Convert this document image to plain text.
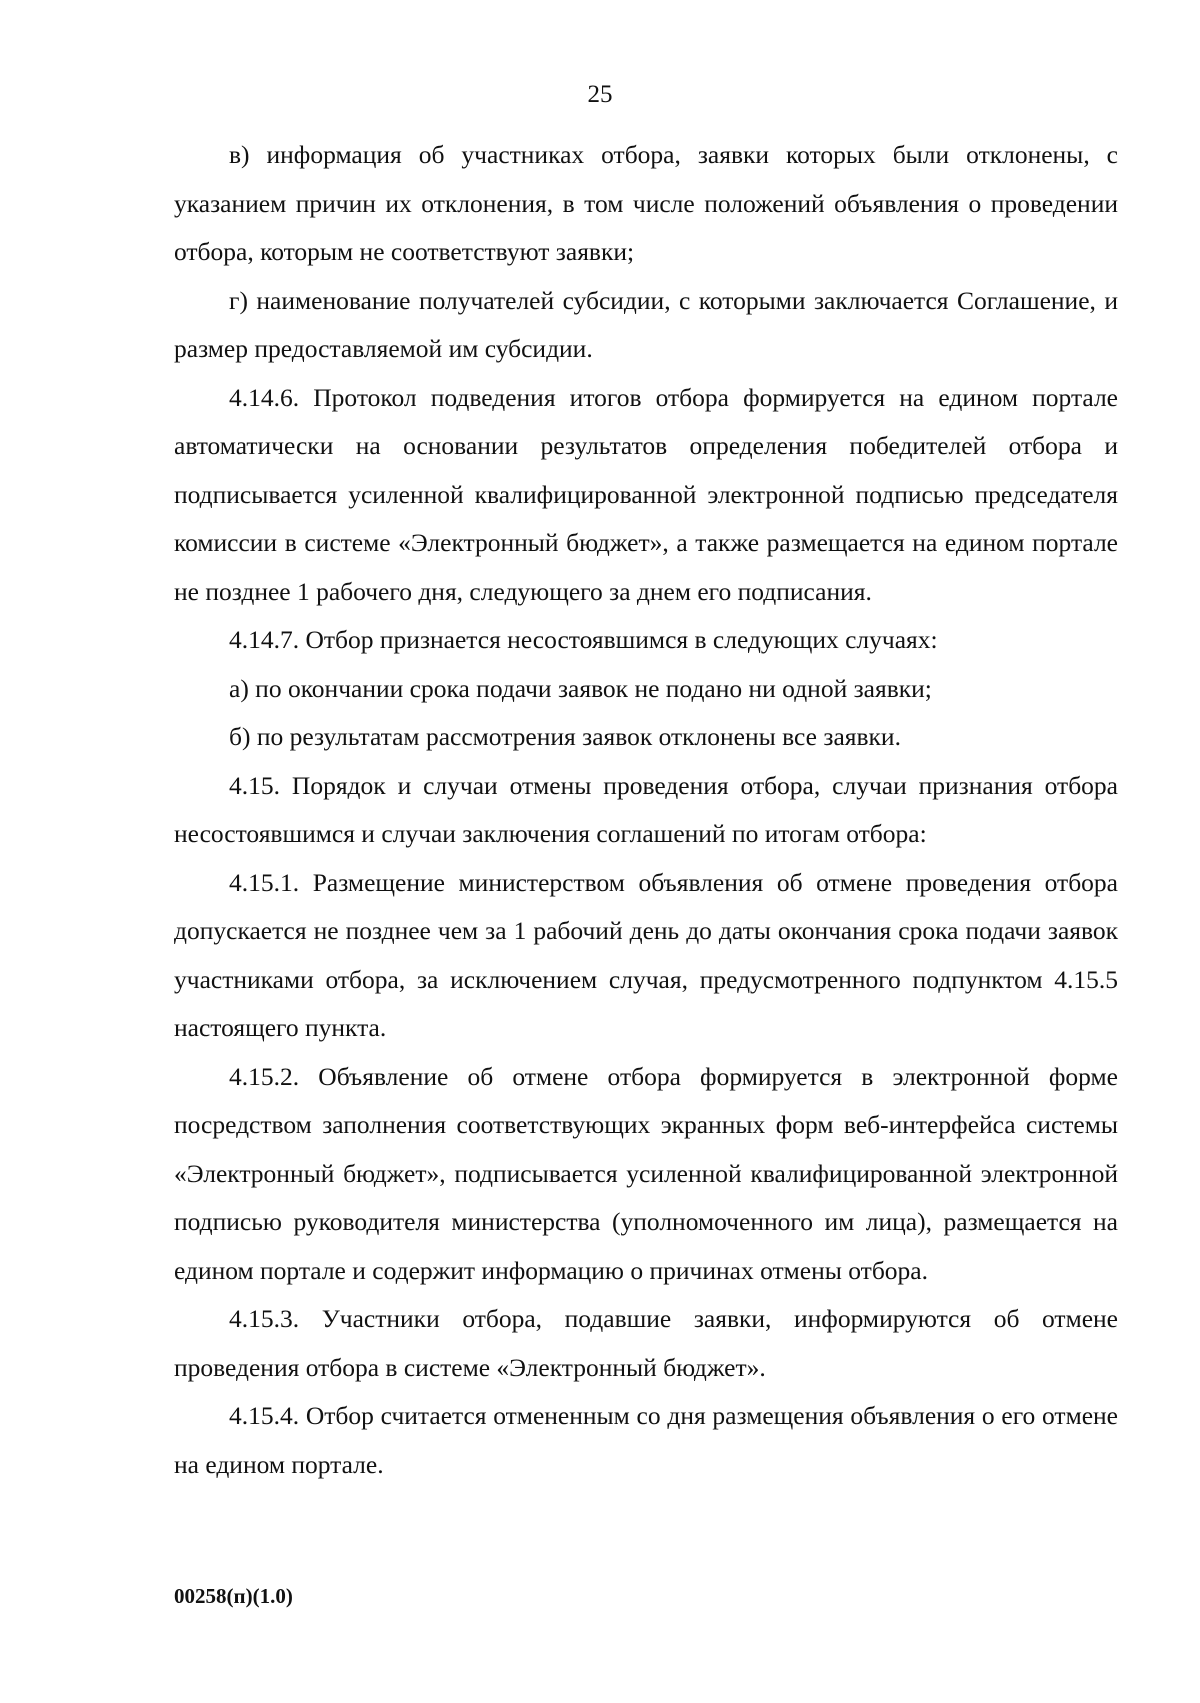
25

в) информация об участниках отбора, заявки которых были отклонены, с указанием причин их отклонения, в том числе положений объявления о проведении отбора, которым не соответствуют заявки;

г) наименование получателей субсидии, с которыми заключается Соглашение, и размер предоставляемой им субсидии.

4.14.6. Протокол подведения итогов отбора формируется на едином портале автоматически на основании результатов определения победителей отбора и подписывается усиленной квалифицированной электронной подписью председателя комиссии в системе «Электронный бюджет», а также размещается на едином портале не позднее 1 рабочего дня, следующего за днем его подписания.

4.14.7. Отбор признается несостоявшимся в следующих случаях:

а) по окончании срока подачи заявок не подано ни одной заявки;

б) по результатам рассмотрения заявок отклонены все заявки.

4.15. Порядок и случаи отмены проведения отбора, случаи признания отбора несостоявшимся и случаи заключения соглашений по итогам отбора:

4.15.1. Размещение министерством объявления об отмене проведения отбора допускается не позднее чем за 1 рабочий день до даты окончания срока подачи заявок участниками отбора, за исключением случая, предусмотренного подпунктом 4.15.5 настоящего пункта.

4.15.2. Объявление об отмене отбора формируется в электронной форме посредством заполнения соответствующих экранных форм веб-интерфейса системы «Электронный бюджет», подписывается усиленной квалифицированной электронной подписью руководителя министерства (уполномоченного им лица), размещается на едином портале и содержит информацию о причинах отмены отбора.

4.15.3. Участники отбора, подавшие заявки, информируются об отмене проведения отбора в системе «Электронный бюджет».

4.15.4. Отбор считается отмененным со дня размещения объявления о его отмене на едином портале.

00258(п)(1.0)
